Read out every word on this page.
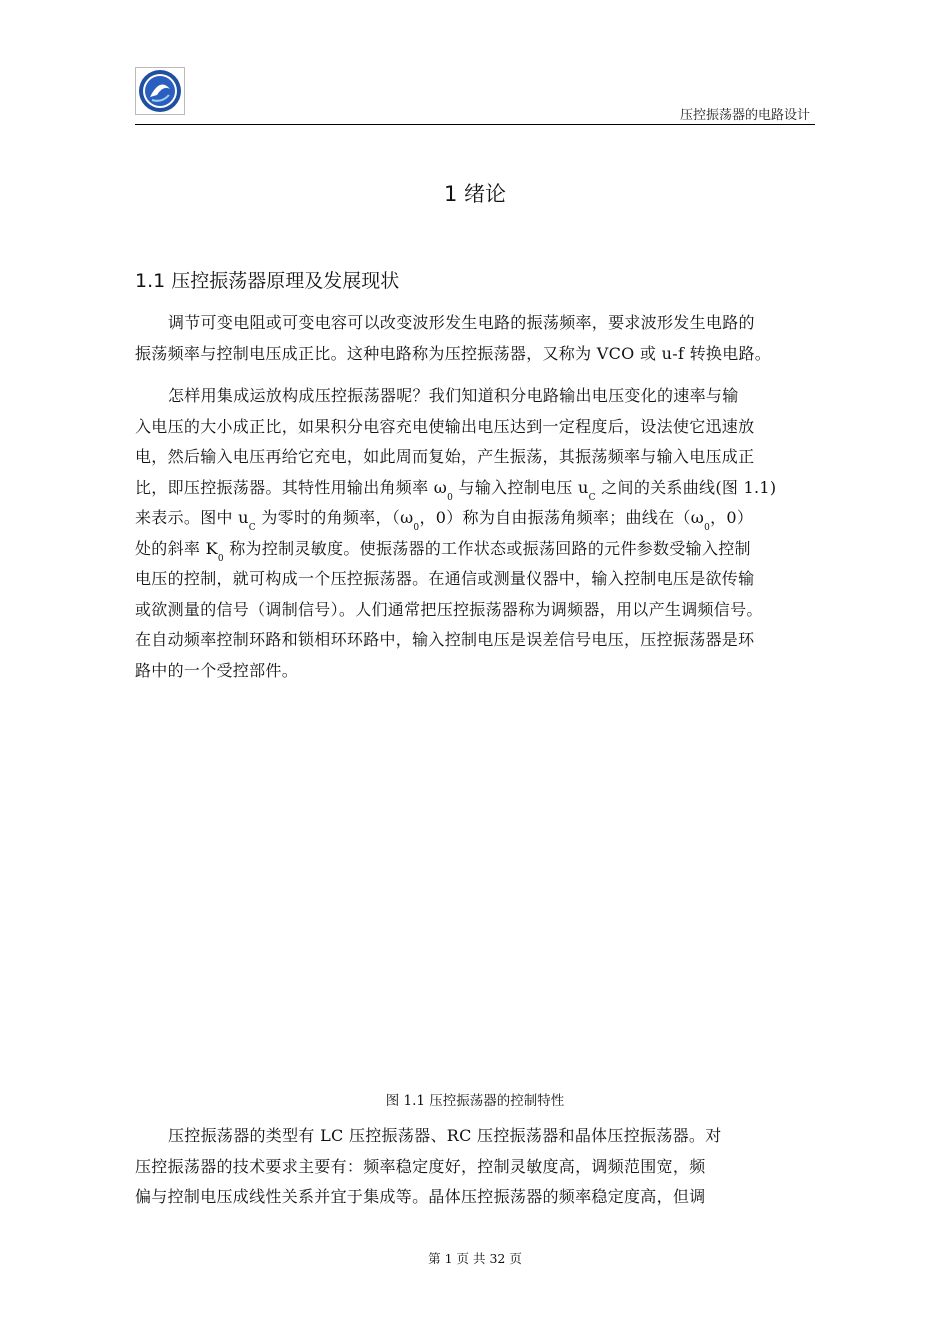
压控振荡器的电路设计
1 绪论
1.1 压控振荡器原理及发展现状
调节可变电阻或可变电容可以改变波形发生电路的振荡频率，要求波形发生电路的
振荡频率与控制电压成正比。这种电路称为压控振荡器，又称为 VCO 或 u-f 转换电路。
怎样用集成运放构成压控振荡器呢？我们知道积分电路输出电压变化的速率与输
入电压的大小成正比，如果积分电容充电使输出电压达到一定程度后，设法使它迅速放
电，然后输入电压再给它充电，如此周而复始，产生振荡，其振荡频率与输入电压成正
比，即压控振荡器。其特性用输出角频率 $\omega_0$ 与输入控制电压 $u_C$ 之间的关系曲线(图 1.1)
来表示。图中 $u_C$ 为零时的角频率，（$\omega_0$，0）称为自由振荡角频率；曲线在（$\omega_0$，0）
处的斜率 $K_0$ 称为控制灵敏度。使振荡器的工作状态或振荡回路的元件参数受输入控制
电压的控制，就可构成一个压控振荡器。在通信或测量仪器中，输入控制电压是欲传输
或欲测量的信号（调制信号）。人们通常把压控振荡器称为调频器，用以产生调频信号。
在自动频率控制环路和锁相环环路中，输入控制电压是误差信号电压，压控振荡器是环
路中的一个受控部件。
图 1.1 压控振荡器的控制特性
压控振荡器的类型有 LC 压控振荡器、RC 压控振荡器和晶体压控振荡器。对
压控振荡器的技术要求主要有：频率稳定度好，控制灵敏度高，调频范围宽，频
偏与控制电压成线性关系并宜于集成等。晶体压控振荡器的频率稳定度高，但调
第 1 页 共 32 页
